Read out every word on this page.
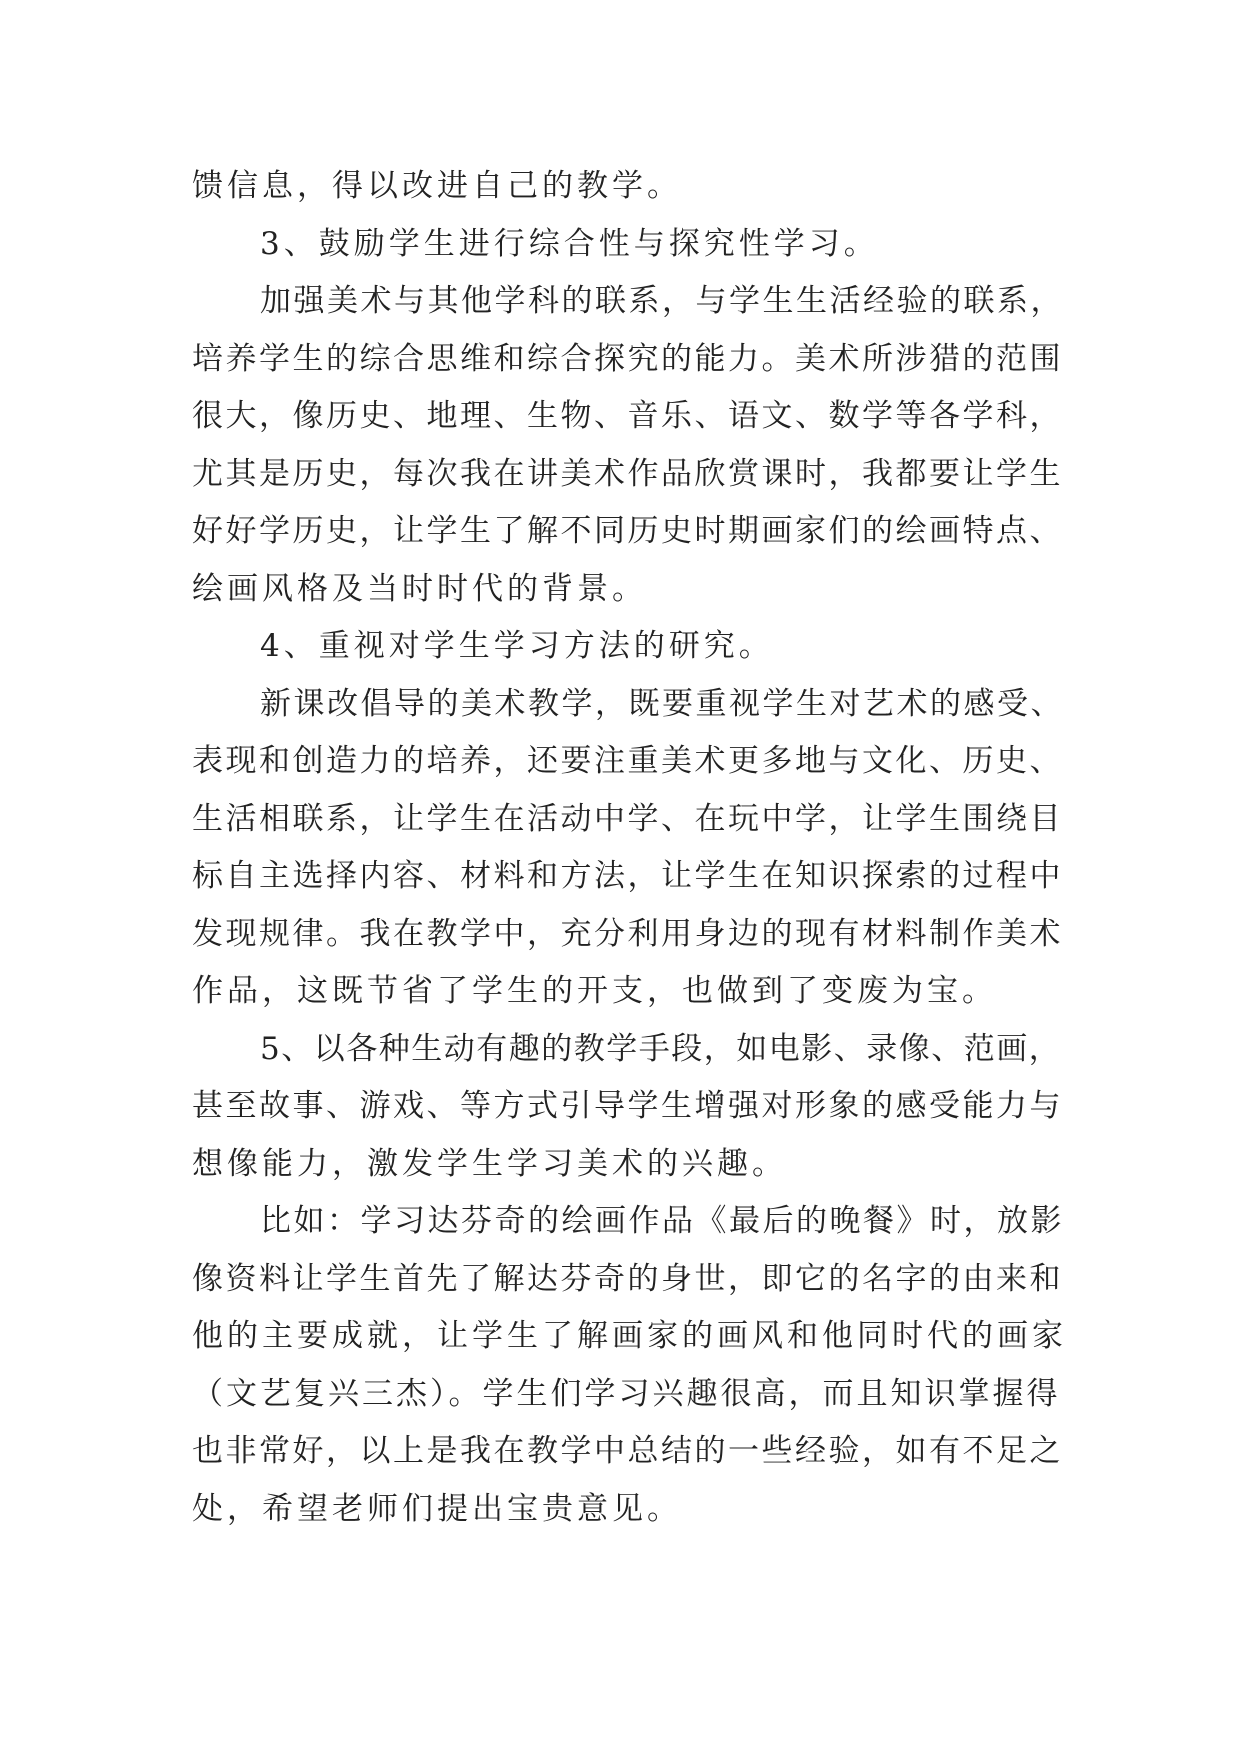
馈信息，得以改进自己的教学。
3、鼓励学生进行综合性与探究性学习。
加强美术与其他学科的联系，与学生生活经验的联系，
培养学生的综合思维和综合探究的能力。美术所涉猎的范围
很大，像历史、地理、生物、音乐、语文、数学等各学科，
尤其是历史，每次我在讲美术作品欣赏课时，我都要让学生
好好学历史，让学生了解不同历史时期画家们的绘画特点、
绘画风格及当时时代的背景。
4、重视对学生学习方法的研究。
新课改倡导的美术教学，既要重视学生对艺术的感受、
表现和创造力的培养，还要注重美术更多地与文化、历史、
生活相联系，让学生在活动中学、在玩中学，让学生围绕目
标自主选择内容、材料和方法，让学生在知识探索的过程中
发现规律。我在教学中，充分利用身边的现有材料制作美术
作品，这既节省了学生的开支，也做到了变废为宝。
5、以各种生动有趣的教学手段，如电影、录像、范画，
甚至故事、游戏、等方式引导学生增强对形象的感受能力与
想像能力，激发学生学习美术的兴趣。
比如：学习达芬奇的绘画作品《最后的晚餐》时，放影
像资料让学生首先了解达芬奇的身世，即它的名字的由来和
他的主要成就，让学生了解画家的画风和他同时代的画家
（文艺复兴三杰）。学生们学习兴趣很高，而且知识掌握得
也非常好，以上是我在教学中总结的一些经验，如有不足之
处，希望老师们提出宝贵意见。
